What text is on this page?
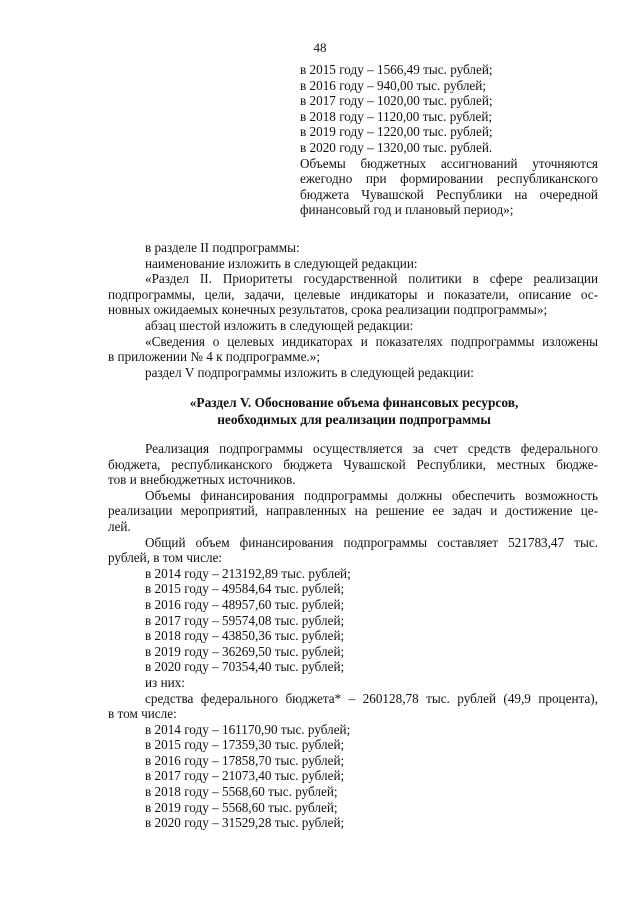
48
в 2015 году – 1566,49 тыс. рублей;
в 2016 году – 940,00 тыс. рублей;
в 2017 году – 1020,00 тыс. рублей;
в 2018 году – 1120,00 тыс. рублей;
в 2019 году – 1220,00 тыс. рублей;
в 2020 году – 1320,00 тыс. рублей.
Объемы бюджетных ассигнований уточняются
ежегодно при формировании республиканского
бюджета Чувашской Республики на очередной
финансовый год и плановый период»;
в разделе II подпрограммы:
наименование изложить в следующей редакции:
«Раздел II. Приоритеты государственной политики в сфере реализации
подпрограммы, цели, задачи, целевые индикаторы и показатели, описание ос-
новных ожидаемых конечных результатов, срока реализации подпрограммы»;
абзац шестой изложить в следующей редакции:
«Сведения о целевых индикаторах и показателях подпрограммы изложены
в приложении № 4 к подпрограмме.»;
раздел V подпрограммы изложить в следующей редакции:
«Раздел V. Обоснование объема финансовых ресурсов,
необходимых для реализации подпрограммы
Реализация подпрограммы осуществляется за счет средств федерального
бюджета, республиканского бюджета Чувашской Республики, местных бюдже-
тов и внебюджетных источников.
Объемы финансирования подпрограммы должны обеспечить возможность
реализации мероприятий, направленных на решение ее задач и достижение це-
лей.
Общий объем финансирования подпрограммы составляет 521783,47 тыс.
рублей, в том числе:
в 2014 году – 213192,89 тыс. рублей;
в 2015 году – 49584,64 тыс. рублей;
в 2016 году – 48957,60 тыс. рублей;
в 2017 году – 59574,08 тыс. рублей;
в 2018 году – 43850,36 тыс. рублей;
в 2019 году – 36269,50 тыс. рублей;
в 2020 году – 70354,40 тыс. рублей;
из них:
средства федерального бюджета* – 260128,78 тыс. рублей (49,9 процента),
в том числе:
в 2014 году – 161170,90 тыс. рублей;
в 2015 году – 17359,30 тыс. рублей;
в 2016 году – 17858,70 тыс. рублей;
в 2017 году – 21073,40 тыс. рублей;
в 2018 году – 5568,60 тыс. рублей;
в 2019 году – 5568,60 тыс. рублей;
в 2020 году – 31529,28 тыс. рублей;
